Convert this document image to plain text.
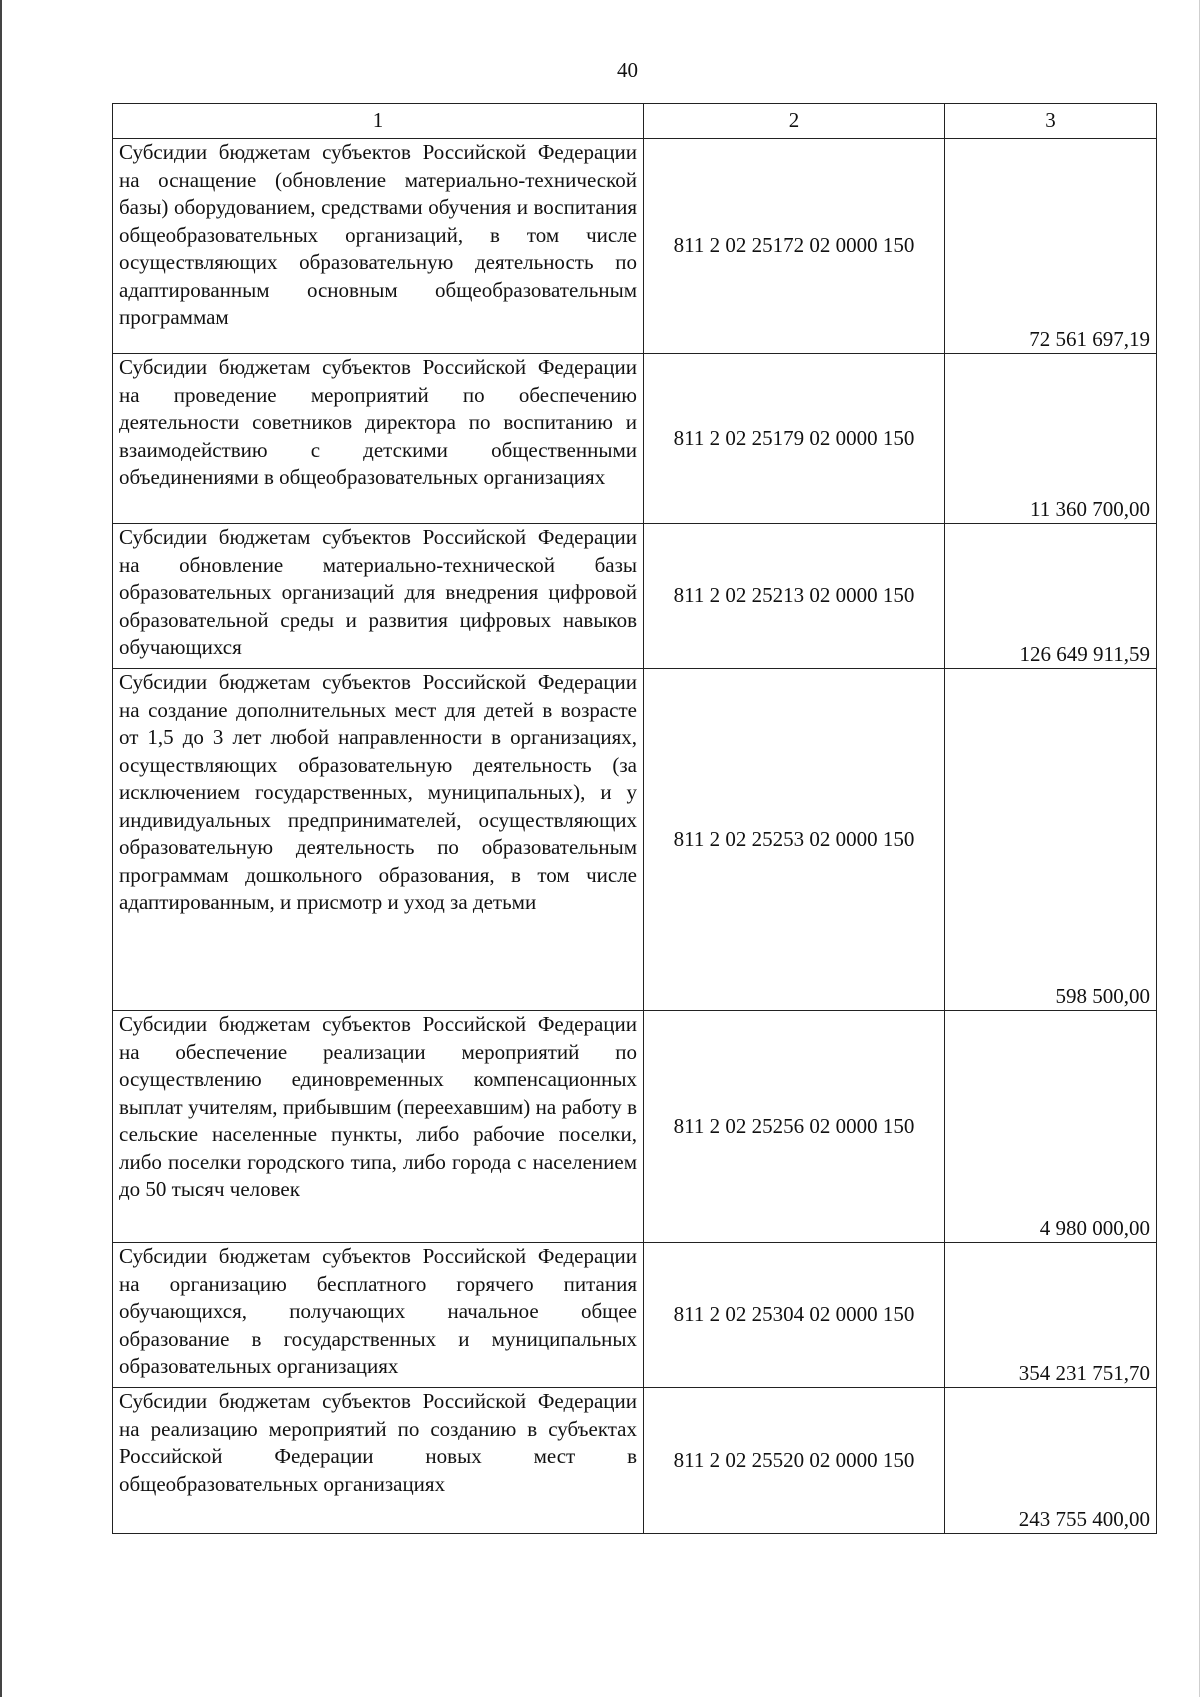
40
1	2	3
Субсидии бюджетам субъектов Российской Федерации на оснащение (обновление материально-технической базы) оборудованием, средствами обучения и воспитания общеобразовательных организаций, в том числе осуществляющих образовательную деятельность по адаптированным основным общеобразовательным программам	811 2 02 25172 02 0000 150	72 561 697,19
Субсидии бюджетам субъектов Российской Федерации на проведение мероприятий по обеспечению деятельности советников директора по воспитанию и взаимодействию с детскими общественными объединениями в общеобразовательных организациях	811 2 02 25179 02 0000 150	11 360 700,00
Субсидии бюджетам субъектов Российской Федерации на обновление материально-технической базы образовательных организаций для внедрения цифровой образовательной среды и развития цифровых навыков обучающихся	811 2 02 25213 02 0000 150	126 649 911,59
Субсидии бюджетам субъектов Российской Федерации на создание дополнительных мест для детей в возрасте от 1,5 до 3 лет любой направленности в организациях, осуществляющих образовательную деятельность (за исключением государственных, муниципальных), и у индивидуальных предпринимателей, осуществляющих образовательную деятельность по образовательным программам дошкольного образования, в том числе адаптированным, и присмотр и уход за детьми	811 2 02 25253 02 0000 150	598 500,00
Субсидии бюджетам субъектов Российской Федерации на обеспечение реализации мероприятий по осуществлению единовременных компенсационных выплат учителям, прибывшим (переехавшим) на работу в сельские населенные пункты, либо рабочие поселки, либо поселки городского типа, либо города с населением до 50 тысяч человек	811 2 02 25256 02 0000 150	4 980 000,00
Субсидии бюджетам субъектов Российской Федерации на организацию бесплатного горячего питания обучающихся, получающих начальное общее образование в государственных и муниципальных образовательных организациях	811 2 02 25304 02 0000 150	354 231 751,70
Субсидии бюджетам субъектов Российской Федерации на реализацию мероприятий по созданию в субъектах Российской Федерации новых мест в общеобразовательных организациях	811 2 02 25520 02 0000 150	243 755 400,00
